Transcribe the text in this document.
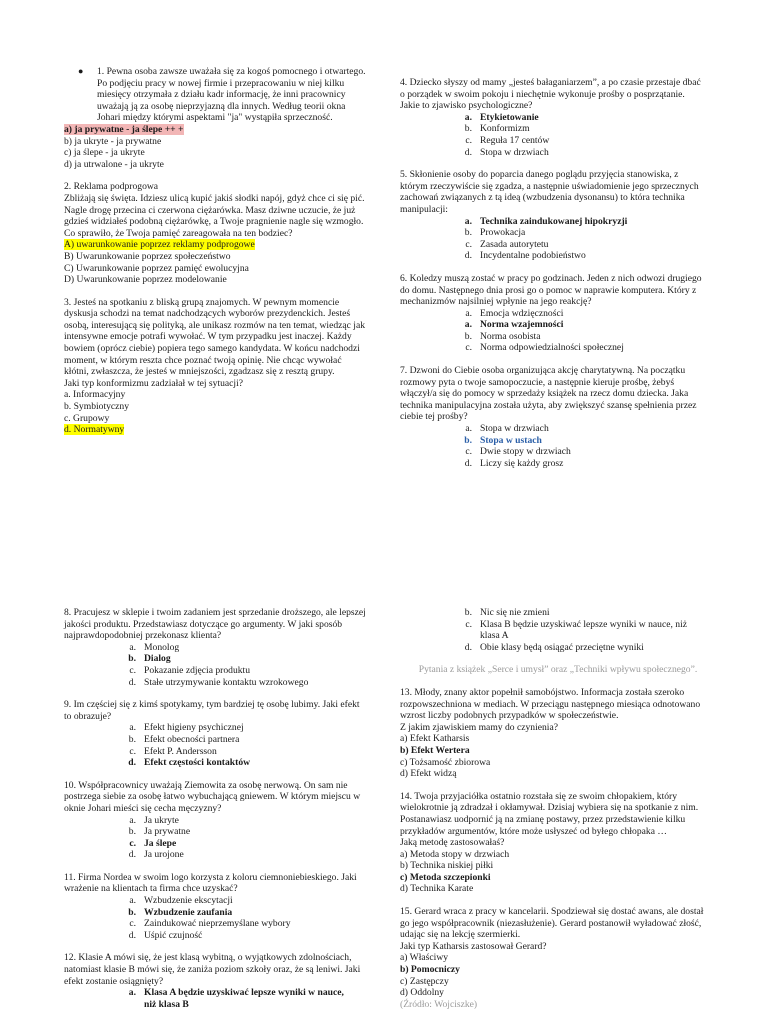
● 1. Pewna osoba zawsze uważała się za kogoś pomocnego i otwartego. Po podjęciu pracy w nowej firmie i przepracowaniu w niej kilku miesięcy otrzymała z działu kadr informację, że inni pracownicy uważają ją za osobę nieprzyjazną dla innych. Według teorii okna Johari między którymi aspektami "ja" wystąpiła sprzeczność.

a) ja prywatne - ja ślepe ++ +

b) ja ukryte - ja prywatne

c) ja ślepe - ja ukryte

d) ja utrwalone - ja ukryte

2. Reklama podprogowa

Zbliżają się święta. Idziesz ulicą kupić jakiś słodki napój, gdyż chce ci się pić. Nagle drogę przecina ci czerwona ciężarówka. Masz dziwne uczucie, że już gdzieś widziałeś podobną ciężarówkę, a Twoje pragnienie nagle się wzmogło.

Co sprawiło, że Twoja pamięć zareagowała na ten bodziec?

A) uwarunkowanie poprzez reklamy podprogowe

B) Uwarunkowanie poprzez społeczeństwo

C) Uwarunkowanie poprzez pamięć ewolucyjna

D) Uwarunkowanie poprzez modelowanie

3. Jesteś na spotkaniu z bliską grupą znajomych. W pewnym momencie dyskusja schodzi na temat nadchodzących wyborów prezydenckich. Jesteś osobą, interesującą się polityką, ale unikasz rozmów na ten temat, wiedząc jak intensywne emocje potrafi wywołać. W tym przypadku jest inaczej. Każdy bowiem (oprócz ciebie) popiera tego samego kandydata. W końcu nadchodzi moment, w którym reszta chce poznać twoją opinię. Nie chcąc wywołać kłótni, zwłaszcza, że jesteś w mniejszości, zgadzasz się z resztą grupy.

Jaki typ konformizmu zadziałał w tej sytuacji?

a. Informacyjny

b. Symbiotyczny

c. Grupowy

d. Normatywny

4. Dziecko słyszy od mamy „jesteś bałaganiarzem”, a po czasie przestaje dbać o porządek w swoim pokoju i niechętnie wykonuje prośby o posprzątanie. Jakie to zjawisko psychologiczne?

a. Etykietowanie
b. Konformizm
c. Reguła 17 centów
d. Stopa w drzwiach

5. Skłonienie osoby do poparcia danego poglądu przyjęcia stanowiska, z którym rzeczywiście się zgadza, a następnie uświadomienie jego sprzecznych zachowań związanych z tą ideą (wzbudzenia dysonansu) to która technika manipulacji:

a. Technika zaindukowanej hipokryzji
b. Prowokacja
c. Zasada autorytetu
d. Incydentalne podobieństwo

6. Koledzy muszą zostać w pracy po godzinach. Jeden z nich odwozi drugiego do domu. Następnego dnia prosi go o pomoc w naprawie komputera. Który z mechanizmów najsilniej wpłynie na jego reakcję?

a. Emocja wdzięczności
a. Norma wzajemności
b. Norma osobista
c. Norma odpowiedzialności społecznej

7. Dzwoni do Ciebie osoba organizująca akcję charytatywną. Na początku rozmowy pyta o twoje samopoczucie, a następnie kieruje prośbę, żebyś włączył/a się do pomocy w sprzedaży książek na rzecz domu dziecka. Jaka technika manipulacyjna została użyta, aby zwiększyć szansę spełnienia przez ciebie tej prośby?

a. Stopa w drzwiach
b. Stopa w ustach
c. Dwie stopy w drzwiach
d. Liczy się każdy grosz

8. Pracujesz w sklepie i twoim zadaniem jest sprzedanie droższego, ale lepszej jakości produktu. Przedstawiasz dotyczące go argumenty. W jaki sposób najprawdopodobniej przekonasz klienta?

a. Monolog
b. Dialog
c. Pokazanie zdjęcia produktu
d. Stałe utrzymywanie kontaktu wzrokowego

9. Im częściej się z kimś spotykamy, tym bardziej tę osobę lubimy. Jaki efekt to obrazuje?

a. Efekt higieny psychicznej
b. Efekt obecności partnera
c. Efekt P. Andersson
d. Efekt częstości kontaktów

10. Współpracownicy uważają Ziemowita za osobę nerwową. On sam nie postrzega siebie za osobę łatwo wybuchającą gniewem. W którym miejscu w oknie Johari mieści się cecha męczyzny?

a. Ja ukryte
b. Ja prywatne
c. Ja ślepe
d. Ja urojone

11. Firma Nordea w swoim logo korzysta z koloru ciemnoniebieskiego. Jaki wrażenie na klientach ta firma chce uzyskać?

a. Wzbudzenie ekscytacji
b. Wzbudzenie zaufania
c. Zaindukować nieprzemyślane wybory
d. Uśpić czujność

12. Klasie A mówi się, że jest klasą wybitną, o wyjątkowych zdolnościach, natomiast klasie B mówi się, że zaniża poziom szkoły oraz, że są leniwi. Jaki efekt zostanie osiągnięty?

a. Klasa A będzie uzyskiwać lepsze wyniki w nauce, niż klasa B
b. Nic się nie zmieni
c. Klasa B będzie uzyskiwać lepsze wyniki w nauce, niż klasa A
d. Obie klasy będą osiągać przeciętne wyniki

Pytania z książek „Serce i umysł” oraz „Techniki wpływu społecznego”.

13. Młody, znany aktor popełnił samobójstwo. Informacja została szeroko rozpowszechniona w mediach. W przeciągu następnego miesiąca odnotowano wzrost liczby podobnych przypadków w społeczeństwie.

Z jakim zjawiskiem mamy do czynienia?

a) Efekt Katharsis

b) Efekt Wertera

c) Tożsamość zbiorowa

d) Efekt widzą

14. Twoja przyjaciółka ostatnio rozstała się ze swoim chłopakiem, który wielokrotnie ją zdradzał i okłamywał. Dzisiaj wybiera się na spotkanie z nim. Postanawiasz uodpornić ją na zmianę postawy, przez przedstawienie kilku przykładów argumentów, które może usłyszeć od byłego chłopaka …

Jaką metodę zastosowałaś?

a) Metoda stopy w drzwiach

b) Technika niskiej piłki

c) Metoda szczepionki

d) Technika Karate

15. Gerard wraca z pracy w kancelarii. Spodziewał się dostać awans, ale dostał go jego współpracownik (niezasłużenie). Gerard postanowił wyładować złość, udając się na lekcję szermierki.

Jaki typ Katharsis zastosował Gerard?

a) Właściwy

b) Pomocniczy

c) Zastępczy

d) Oddolny

(Źródło: Wojciszke)
